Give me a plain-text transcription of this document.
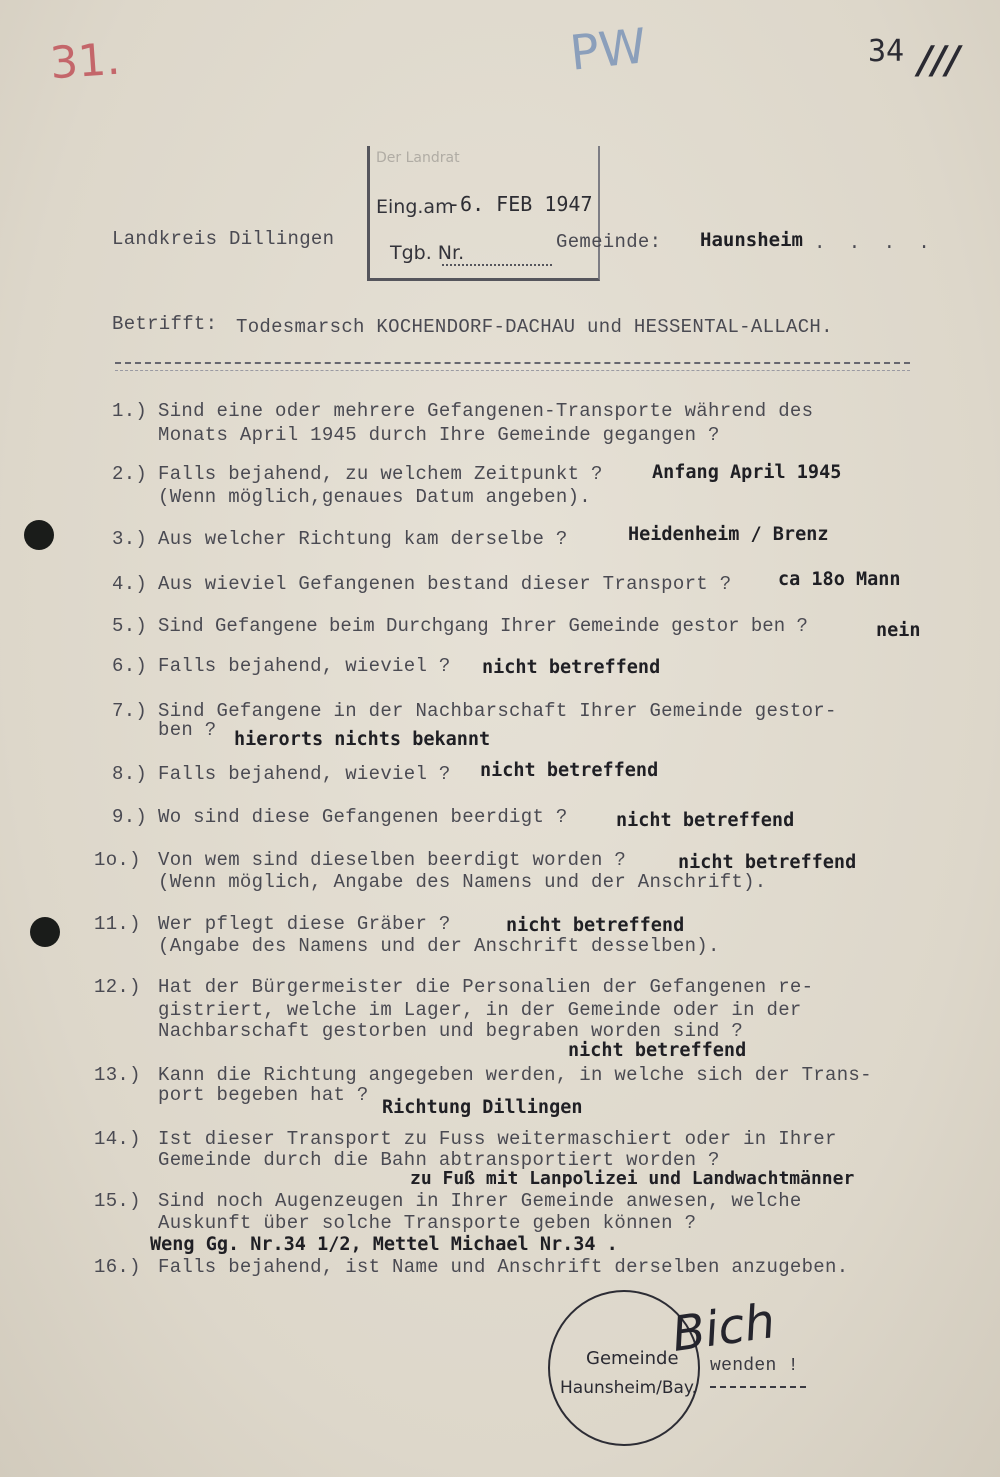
31.	PW	34 ///
Der Landrat
Eing.am
-6. FEB 1947
Tgb. Nr.
Landkreis Dillingen	Gemeinde: Haunsheim . . . .
Betrifft: Todesmarsch KOCHENDORF-DACHAU und HESSENTAL-ALLACH.
1.) Sind eine oder mehrere Gefangenen-Transporte während des
Monats April 1945 durch Ihre Gemeinde gegangen ?
2.) Falls bejahend, zu welchem Zeitpunkt ?
(Wenn möglich,genaues Datum angeben).
Anfang April 1945
3.) Aus welcher Richtung kam derselbe ?	Heidenheim / Brenz
4.) Aus wieviel Gefangenen bestand dieser Transport ?	ca 18o Mann
5.) Sind Gefangene beim Durchgang Ihrer Gemeinde gestor ben ?	nein
6.) Falls bejahend, wieviel ? nicht betreffend
7.) Sind Gefangene in der Nachbarschaft Ihrer Gemeinde gestor-
ben ? hierorts nichts bekannt
8.) Falls bejahend, wieviel ? nicht betreffend
9.) Wo sind diese Gefangenen beerdigt ?	nicht betreffend
1o.) Von wem sind dieselben beerdigt worden ?
(Wenn möglich, Angabe des Namens und der Anschrift).
nicht betreffend
11.) Wer pflegt diese Gräber ?
(Angabe des Namens und der Anschrift desselben).
nicht betreffend
12.) Hat der Bürgermeister die Personalien der Gefangenen re-
gistriert, welche im Lager, in der Gemeinde oder in der
Nachbarschaft gestorben und begraben worden sind ?
nicht betreffend
13.) Kann die Richtung angegeben werden, in welche sich der Trans-
port begeben hat ?
Richtung Dillingen
14.) Ist dieser Transport zu Fuss weitermaschiert oder in Ihrer
Gemeinde durch die Bahn abtransportiert worden ?
zu Fuß mit Lanpolizei und Landwachtmänner
15.) Sind noch Augenzeugen in Ihrer Gemeinde anwesen, welche
Auskunft über solche Transporte geben können ?
Weng Gg. Nr.34 1/2, Mettel Michael Nr.34 .
16.) Falls bejahend, ist Name und Anschrift derselben anzugeben.
Gemeinde
Haunsheim/Bay.
Bich
wenden !
